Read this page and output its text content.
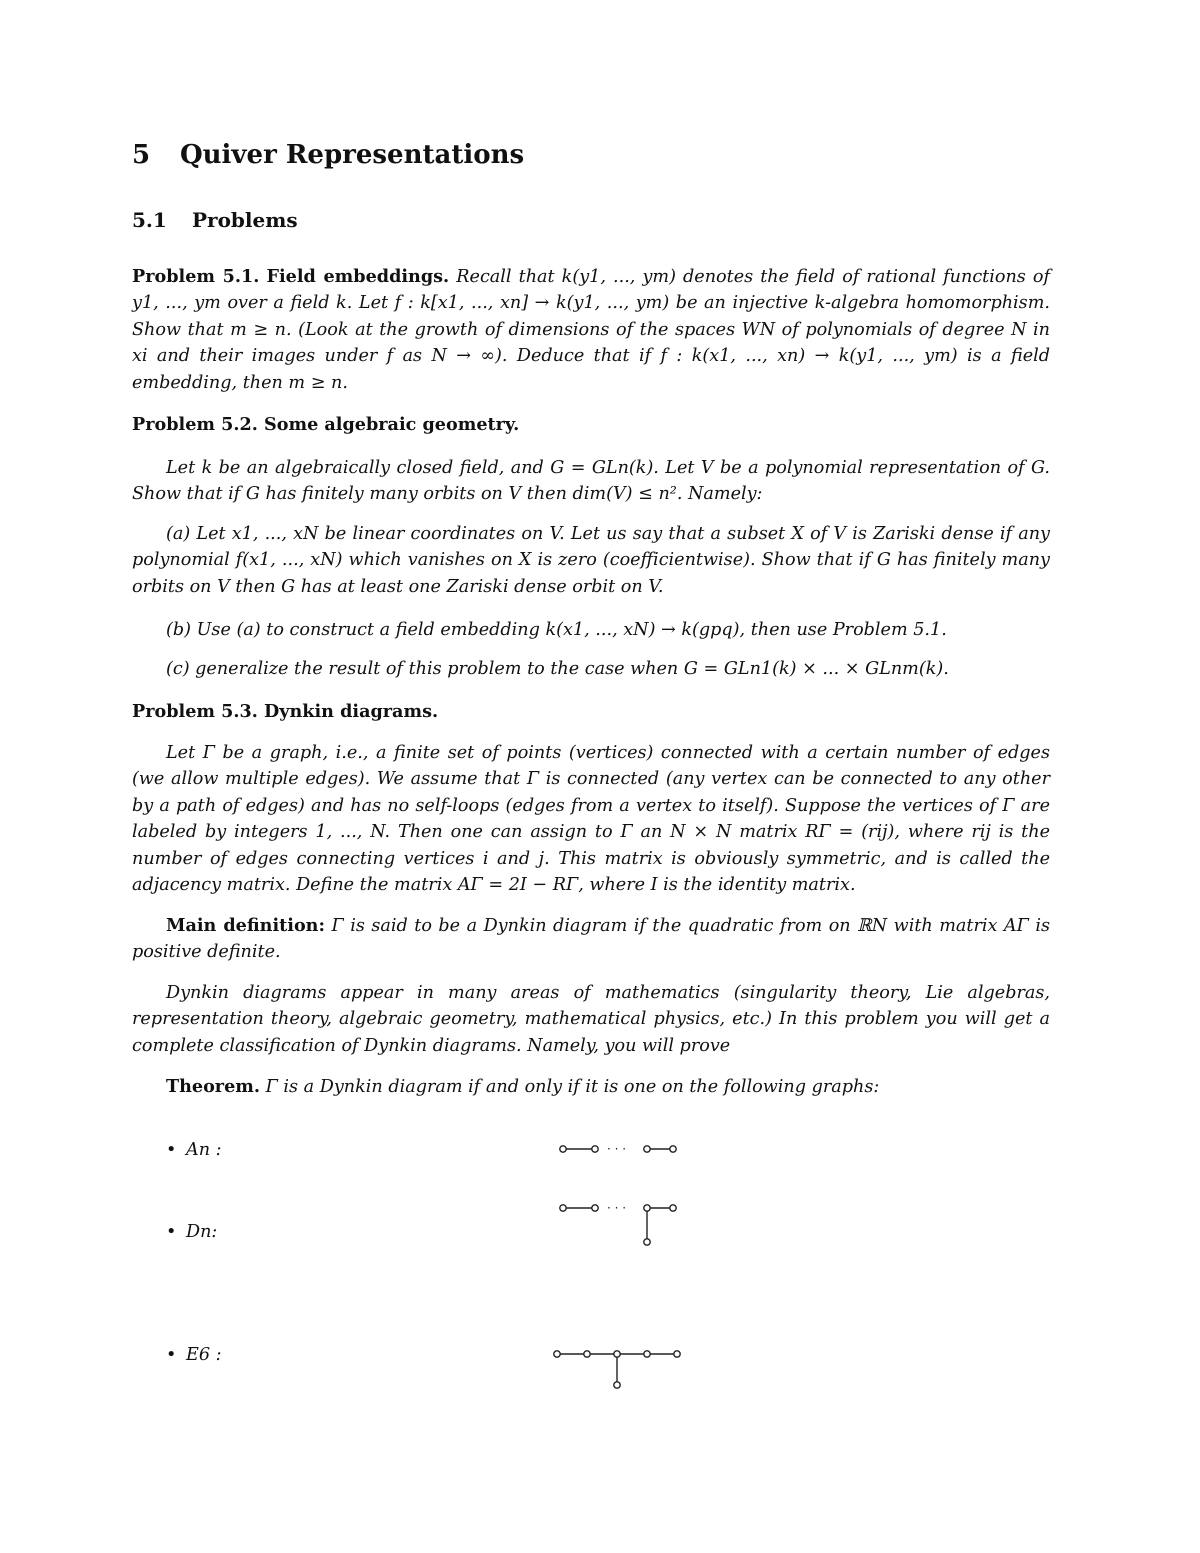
5 Quiver Representations
5.1 Problems

Problem 5.1. Field embeddings. Recall that k(y1, ..., ym) denotes the field of rational functions of y1, ..., ym over a field k. Let f : k[x1, ..., xn] → k(y1, ..., ym) be an injective k-algebra homomorphism. Show that m ≥ n. (Look at the growth of dimensions of the spaces WN of polynomials of degree N in xi and their images under f as N → ∞). Deduce that if f : k(x1, ..., xn) → k(y1, ..., ym) is a field embedding, then m ≥ n.

Problem 5.2. Some algebraic geometry.

Let k be an algebraically closed field, and G = GLn(k). Let V be a polynomial representation of G. Show that if G has finitely many orbits on V then dim(V) ≤ n². Namely:

(a) Let x1, ..., xN be linear coordinates on V. Let us say that a subset X of V is Zariski dense if any polynomial f(x1, ..., xN) which vanishes on X is zero (coefficientwise). Show that if G has finitely many orbits on V then G has at least one Zariski dense orbit on V.

(b) Use (a) to construct a field embedding k(x1, ..., xN) → k(gpq), then use Problem 5.1.

(c) generalize the result of this problem to the case when G = GLn1(k) × ... × GLnm(k).

Problem 5.3. Dynkin diagrams.

Let Γ be a graph, i.e., a finite set of points (vertices) connected with a certain number of edges (we allow multiple edges). We assume that Γ is connected (any vertex can be connected to any other by a path of edges) and has no self-loops (edges from a vertex to itself). Suppose the vertices of Γ are labeled by integers 1, ..., N. Then one can assign to Γ an N × N matrix RΓ = (rij), where rij is the number of edges connecting vertices i and j. This matrix is obviously symmetric, and is called the adjacency matrix. Define the matrix AΓ = 2I − RΓ, where I is the identity matrix.

Main definition: Γ is said to be a Dynkin diagram if the quadratic from on ℝN with matrix AΓ is positive definite.

Dynkin diagrams appear in many areas of mathematics (singularity theory, Lie algebras, representation theory, algebraic geometry, mathematical physics, etc.) In this problem you will get a complete classification of Dynkin diagrams. Namely, you will prove

Theorem. Γ is a Dynkin diagram if and only if it is one on the following graphs:

• An :
• Dn:
• E6 :
· · ·
· · ·
